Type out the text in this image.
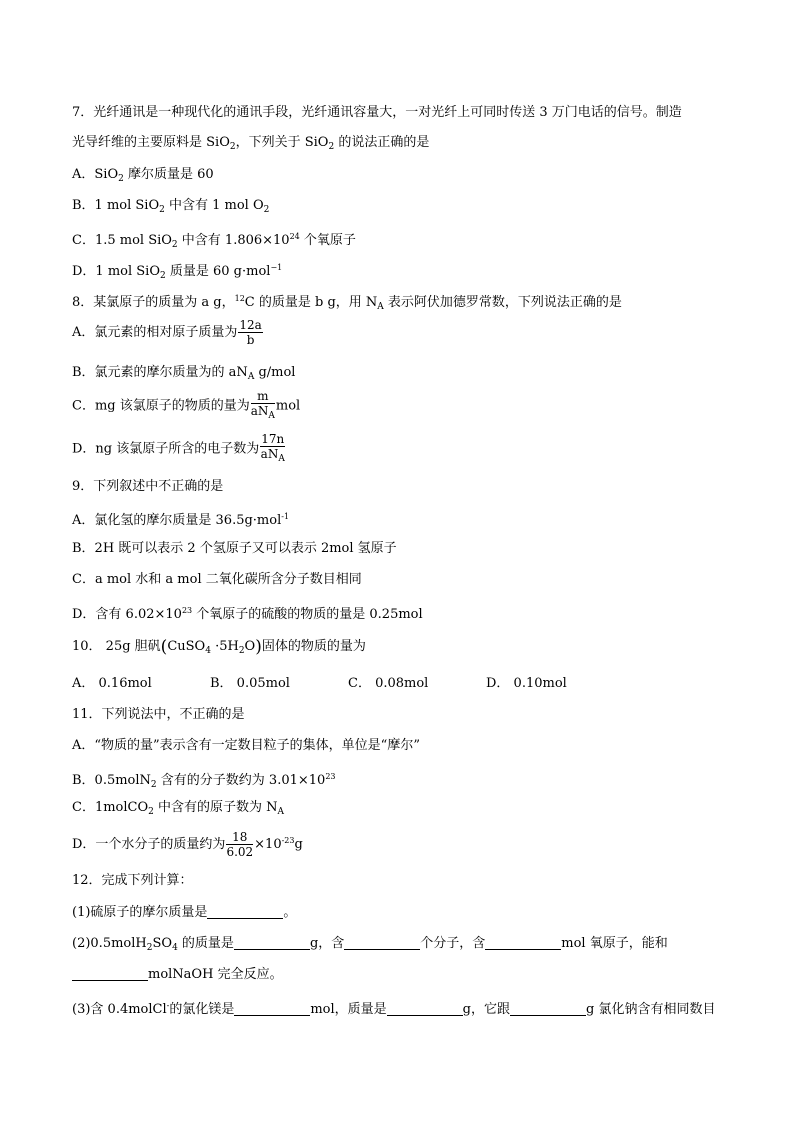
7．光纤通讯是一种现代化的通讯手段，光纤通讯容量大，一对光纤上可同时传送 3 万门电话的信号。制造
光导纤维的主要原料是 SiO$_2$，下列关于 SiO$_2$ 的说法正确的是
A．SiO$_2$ 摩尔质量是 60
B．1 mol SiO$_2$ 中含有 1 mol $O_2$
C．1.5 mol SiO$_2$ 中含有 $1.806\times 10^{24}$ 个氧原子
D．1 mol SiO$_2$ 质量是 60 g·mol$^{-1}$
8．某氯原子的质量为 a g，$^{12}$C 的质量是 b g，用 $N_A$ 表示阿伏加德罗常数，下列说法正确的是
A．氯元素的相对原子质量为 $\frac{12a}{b}$
B．氯元素的摩尔质量为的 $aN_A$ g/mol
C．mg 该氯原子的物质的量为 $\frac{m}{aN_A}$ mol
D．ng 该氯原子所含的电子数为 $\frac{17n}{aN_A}$
9．下列叙述中不正确的是
A．氯化氢的摩尔质量是 36.5g·mol$^{-1}$
B．2H 既可以表示 2 个氢原子又可以表示 2mol 氢原子
C．a mol 水和 a mol 二氧化碳所含分子数目相同
D．含有 $6.02\times 10^{23}$ 个氧原子的硫酸的物质的量是 0.25mol
10． 25g 胆矾(CuSO$_4$ $\cdot 5H_2O$)固体的物质的量为
A． 0.16mol	B． 0.05mol	C． 0.08mol	D． 0.10mol
11．下列说法中，不正确的是
A．“物质的量”表示含有一定数目粒子的集体，单位是“摩尔”
B．0.5molN$_2$ 含有的分子数约为 $3.01\times 10^{23}$
C．1molCO$_2$ 中含有的原子数为 $N_A$
D．一个水分子的质量约为 $\frac{18}{6.02} \times 10^{-23}g$
12．完成下列计算：
(1)硫原子的摩尔质量是	。
$(2)0.5molH_2SO_4$ 的质量是	g，含	个分子，含	mol 氧原子，能和
molNaOH 完全反应。
(3)含 0.4molCl-的氯化镁是	mol，质量是	g，它跟	g 氯化钠含有相同数目
